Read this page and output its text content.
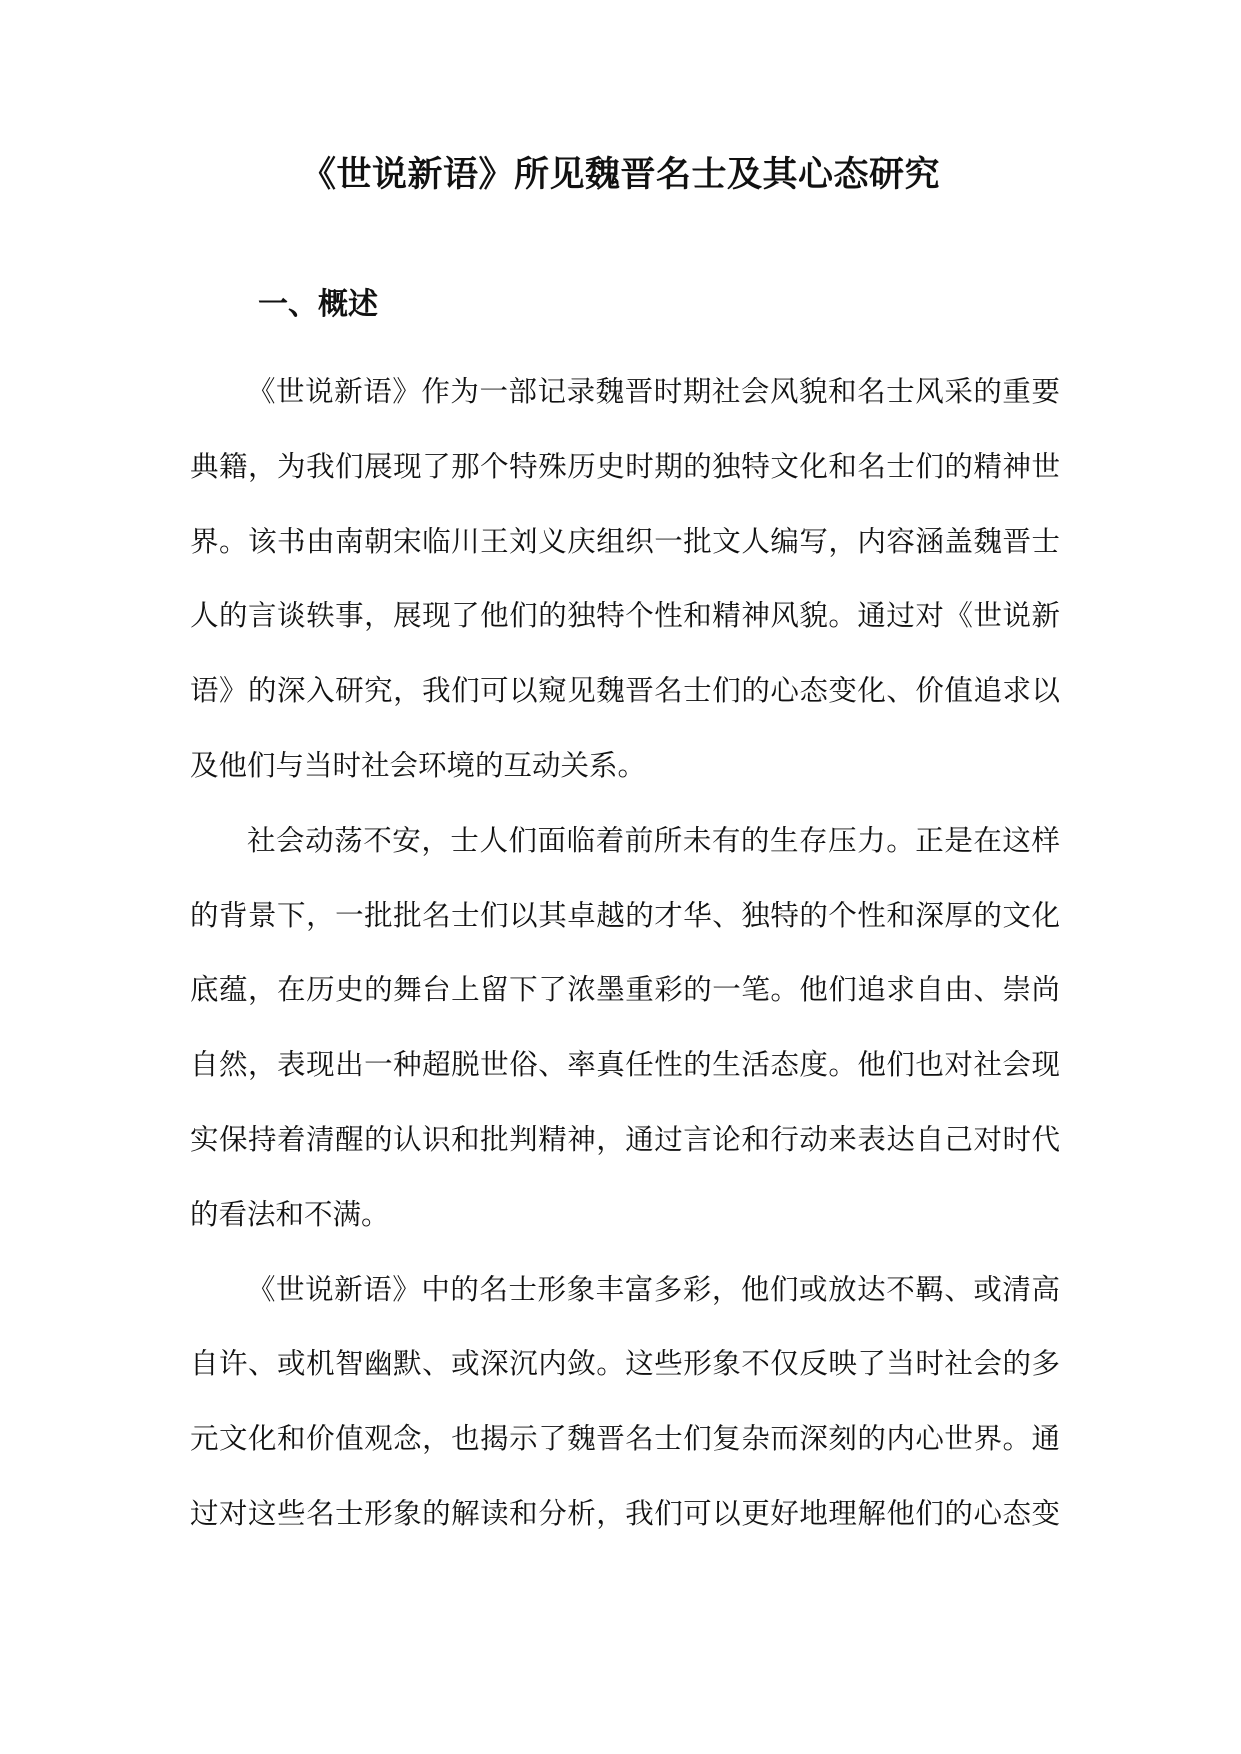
《世说新语》所见魏晋名士及其心态研究
一、概述

《世说新语》作为一部记录魏晋时期社会风貌和名士风采的重要
典籍，为我们展现了那个特殊历史时期的独特文化和名士们的精神世
界。该书由南朝宋临川王刘义庆组织一批文人编写，内容涵盖魏晋士
人的言谈轶事，展现了他们的独特个性和精神风貌。通过对《世说新
语》的深入研究，我们可以窥见魏晋名士们的心态变化、价值追求以
及他们与当时社会环境的互动关系。

社会动荡不安，士人们面临着前所未有的生存压力。正是在这样
的背景下，一批批名士们以其卓越的才华、独特的个性和深厚的文化
底蕴，在历史的舞台上留下了浓墨重彩的一笔。他们追求自由、崇尚
自然，表现出一种超脱世俗、率真任性的生活态度。他们也对社会现
实保持着清醒的认识和批判精神，通过言论和行动来表达自己对时代
的看法和不满。

《世说新语》中的名士形象丰富多彩，他们或放达不羁、或清高
自许、或机智幽默、或深沉内敛。这些形象不仅反映了当时社会的多
元文化和价值观念，也揭示了魏晋名士们复杂而深刻的内心世界。通
过对这些名士形象的解读和分析，我们可以更好地理解他们的心态变
